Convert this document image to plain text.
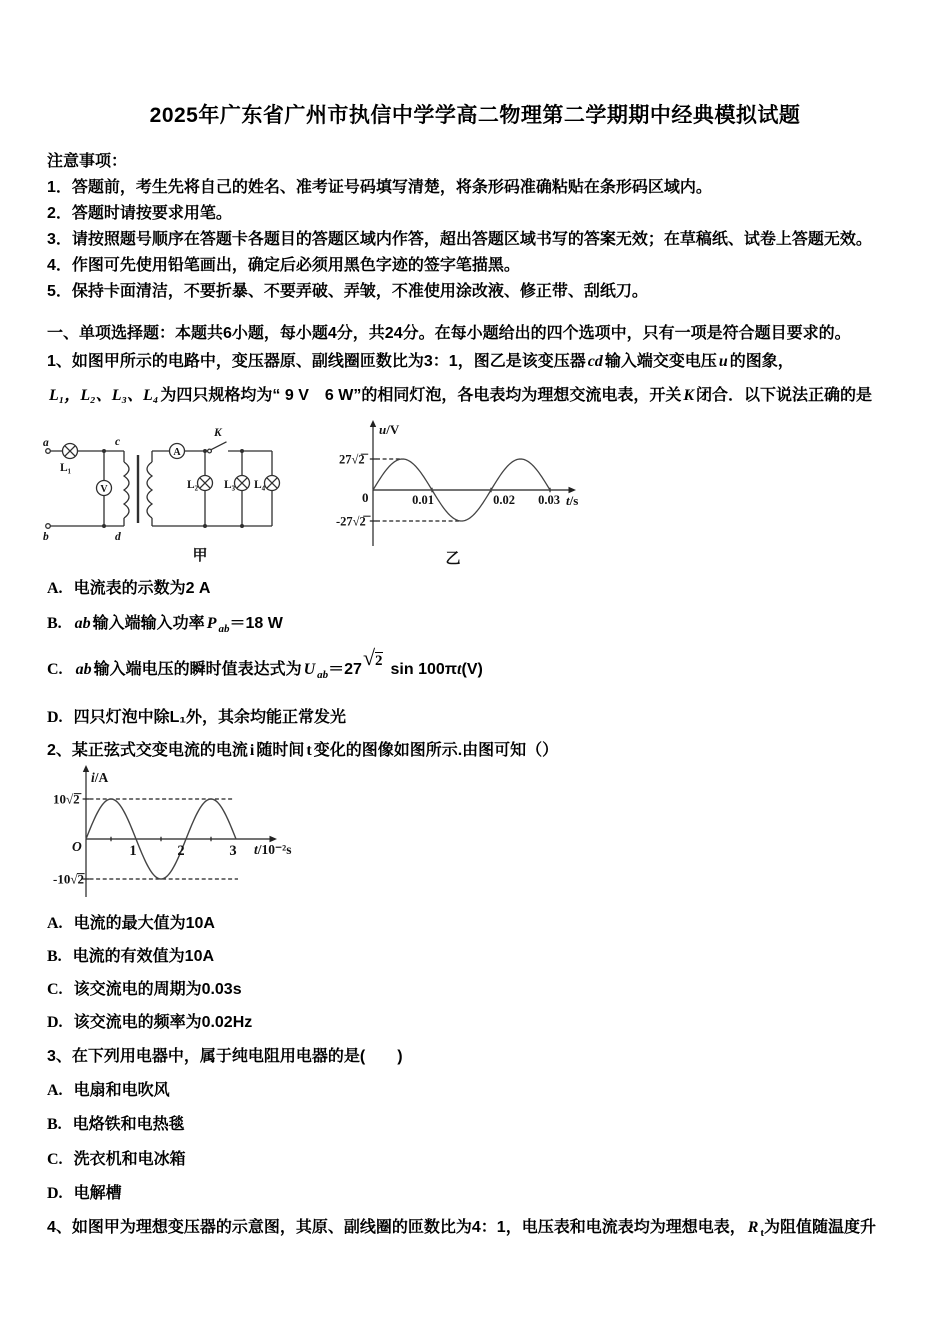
2025年广东省广州市执信中学学高二物理第二学期期中经典模拟试题
注意事项：
1．答题前，考生先将自己的姓名、准考证号码填写清楚，将条形码准确粘贴在条形码区域内。
2．答题时请按要求用笔。
3．请按照题号顺序在答题卡各题目的答题区域内作答，超出答题区域书写的答案无效；在草稿纸、试卷上答题无效。
4．作图可先使用铅笔画出，确定后必须用黑色字迹的签字笔描黑。
5．保持卡面清洁，不要折暴、不要弄破、弄皱，不准使用涂改液、修正带、刮纸刀。
一、单项选择题：本题共6小题，每小题4分，共24分。在每小题给出的四个选项中，只有一项是符合题目要求的。
1、如图甲所示的电路中，变压器原、副线圈匝数比为3：1，图乙是该变压器 cd 输入端交变电压 u 的图象，
L₁，L₂、L₃、L₄ 为四只规格均为“ 9 V　6 W”的相同灯泡，各电表均为理想交流电表，开关 K 闭合．以下说法正确的是
a
b
c
d
L₁
L₂ L₃ L₄
A
V
K
甲
u/V
0
27√2
-27√2
0.01	0.02 0.03 t/s
乙
A. 电流表的示数为2 A
B. ab 输入端输入功率 P $_{ab}$＝18 W
C. ab 输入端电压的瞬时值表达式为 U $_{ab}$＝27√2 sin 100πt(V)
D. 四只灯泡中除L₁外，其余均能正常发光
2、某正弦式交变电流的电流 i 随时间 t 变化的图像如图所示.由图可知（）
i/A
O
10√2
-10√2
1	2	3 t/10⁻²s
A. 电流的最大值为10A
B. 电流的有效值为10A
C. 该交流电的周期为0.03s
D. 该交流电的频率为0.02Hz
3、在下列用电器中，属于纯电阻用电器的是(　　)
A. 电扇和电吹风
B. 电烙铁和电热毯
C. 洗衣机和电冰箱
D. 电解槽
4、如图甲为理想变压器的示意图，其原、副线圈的匝数比为4：1，电压表和电流表均为理想电表， R $_t$为阻值随温度升
